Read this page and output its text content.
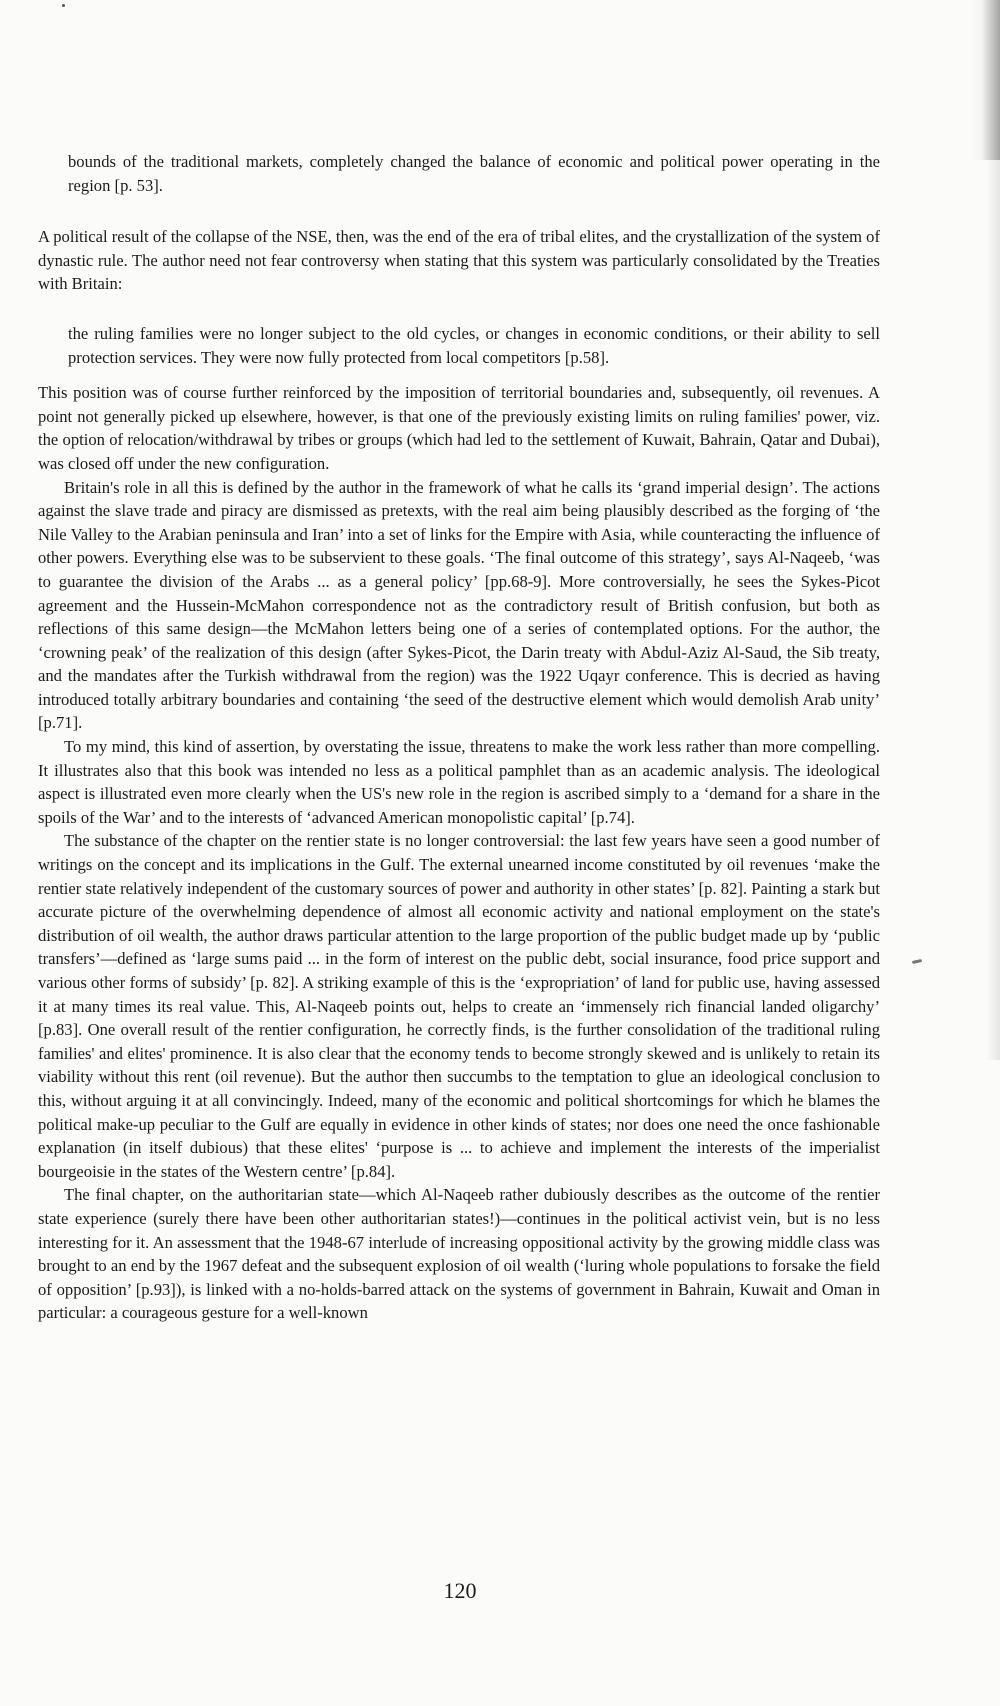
bounds of the traditional markets, completely changed the balance of economic and political power operating in the region [p. 53].

A political result of the collapse of the NSE, then, was the end of the era of tribal elites, and the crystallization of the system of dynastic rule. The author need not fear controversy when stating that this system was particularly consolidated by the Treaties with Britain:

the ruling families were no longer subject to the old cycles, or changes in economic conditions, or their ability to sell protection services. They were now fully protected from local competitors [p.58].

This position was of course further reinforced by the imposition of territorial boundaries and, subsequently, oil revenues. A point not generally picked up elsewhere, however, is that one of the previously existing limits on ruling families' power, viz. the option of relocation/withdrawal by tribes or groups (which had led to the settlement of Kuwait, Bahrain, Qatar and Dubai), was closed off under the new configuration.

Britain's role in all this is defined by the author in the framework of what he calls its ‘grand imperial design’. The actions against the slave trade and piracy are dismissed as pretexts, with the real aim being plausibly described as the forging of ‘the Nile Valley to the Arabian peninsula and Iran’ into a set of links for the Empire with Asia, while counteracting the influence of other powers. Everything else was to be subservient to these goals. ‘The final outcome of this strategy’, says Al-Naqeeb, ‘was to guarantee the division of the Arabs ... as a general policy’ [pp.68-9]. More controversially, he sees the Sykes-Picot agreement and the Hussein-McMahon correspondence not as the contradictory result of British confusion, but both as reflections of this same design—the McMahon letters being one of a series of contemplated options. For the author, the ‘crowning peak’ of the realization of this design (after Sykes-Picot, the Darin treaty with Abdul-Aziz Al-Saud, the Sib treaty, and the mandates after the Turkish withdrawal from the region) was the 1922 Uqayr conference. This is decried as having introduced totally arbitrary boundaries and containing ‘the seed of the destructive element which would demolish Arab unity’ [p.71].

To my mind, this kind of assertion, by overstating the issue, threatens to make the work less rather than more compelling. It illustrates also that this book was intended no less as a political pamphlet than as an academic analysis. The ideological aspect is illustrated even more clearly when the US's new role in the region is ascribed simply to a ‘demand for a share in the spoils of the War’ and to the interests of ‘advanced American monopolistic capital’ [p.74].

The substance of the chapter on the rentier state is no longer controversial: the last few years have seen a good number of writings on the concept and its implications in the Gulf. The external unearned income constituted by oil revenues ‘make the rentier state relatively independent of the customary sources of power and authority in other states’ [p. 82]. Painting a stark but accurate picture of the overwhelming dependence of almost all economic activity and national employment on the state's distribution of oil wealth, the author draws particular attention to the large proportion of the public budget made up by ‘public transfers’—defined as ‘large sums paid ... in the form of interest on the public debt, social insurance, food price support and various other forms of subsidy’ [p. 82]. A striking example of this is the ‘expropriation’ of land for public use, having assessed it at many times its real value. This, Al-Naqeeb points out, helps to create an ‘immensely rich financial landed oligarchy’ [p.83]. One overall result of the rentier configuration, he correctly finds, is the further consolidation of the traditional ruling families' and elites' prominence. It is also clear that the economy tends to become strongly skewed and is unlikely to retain its viability without this rent (oil revenue). But the author then succumbs to the temptation to glue an ideological conclusion to this, without arguing it at all convincingly. Indeed, many of the economic and political shortcomings for which he blames the political make-up peculiar to the Gulf are equally in evidence in other kinds of states; nor does one need the once fashionable explanation (in itself dubious) that these elites' ‘purpose is ... to achieve and implement the interests of the imperialist bourgeoisie in the states of the Western centre’ [p.84].

The final chapter, on the authoritarian state—which Al-Naqeeb rather dubiously describes as the outcome of the rentier state experience (surely there have been other authoritarian states!)—continues in the political activist vein, but is no less interesting for it. An assessment that the 1948-67 interlude of increasing oppositional activity by the growing middle class was brought to an end by the 1967 defeat and the subsequent explosion of oil wealth (‘luring whole populations to forsake the field of opposition’ [p.93]), is linked with a no-holds-barred attack on the systems of government in Bahrain, Kuwait and Oman in particular: a courageous gesture for a well-known

120
